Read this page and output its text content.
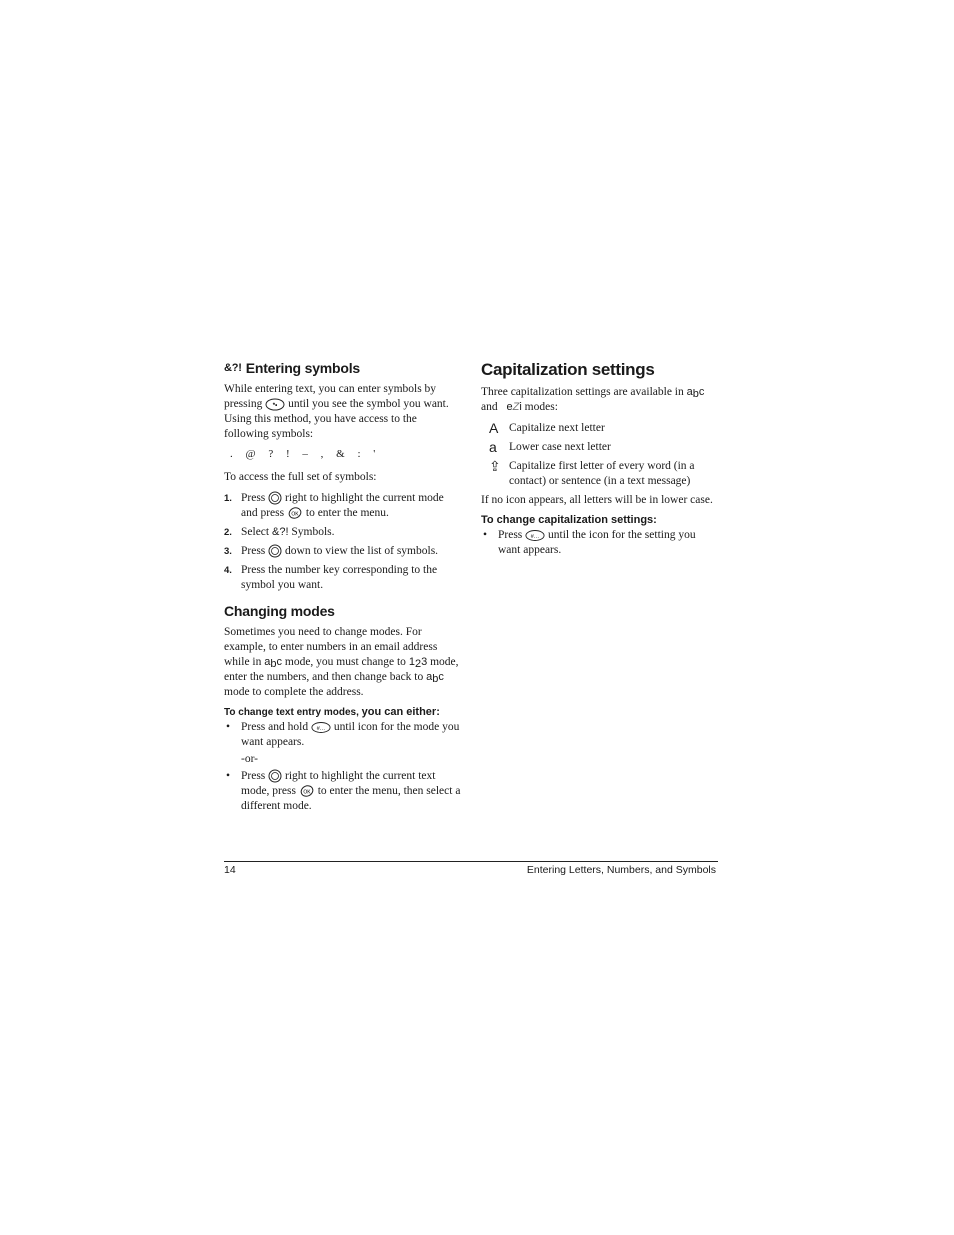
&?! Entering symbols

While entering text, you can enter symbols by pressing *• until you see the symbol you want. Using this method, you have access to the following symbols:

. @ ? ! – , & : '

To access the full set of symbols:

1. Press right to highlight the current mode and press OK to enter the menu.
2. Select &?! Symbols.
3. Press down to view the list of symbols.
4. Press the number key corresponding to the symbol you want.
Changing modes

Sometimes you need to change modes. For example, to enter numbers in an email address while in abc mode, you must change to 123 mode, enter the numbers, and then change back to abc mode to complete the address.

To change text entry modes, you can either:
• Press and hold #… until icon for the mode you want appears.
-or-
• Press right to highlight the current text mode, press OK to enter the menu, then select a different mode.
Capitalization settings

Three capitalization settings are available in abc and eZi modes:

A Capitalize next letter
a	Lower case next letter
⇪ Capitalize first letter of every word (in a contact) or sentence (in a text message)

If no icon appears, all letters will be in lower case.

To change capitalization settings:
• Press #… until the icon for the setting you want appears.
14	Entering Letters, Numbers, and Symbols
